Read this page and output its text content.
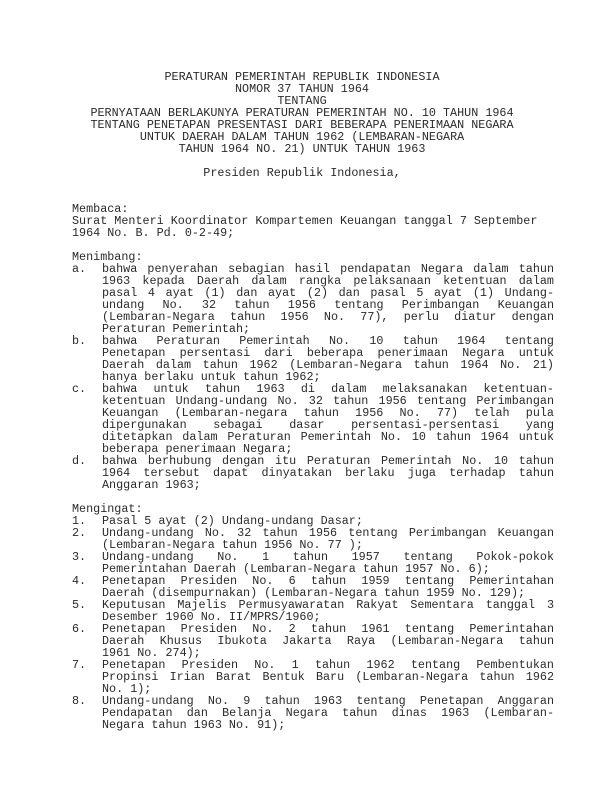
PERATURAN PEMERINTAH REPUBLIK INDONESIA
NOMOR 37 TAHUN 1964
TENTANG
PERNYATAAN BERLAKUNYA PERATURAN PEMERINTAH NO. 10 TAHUN 1964
TENTANG PENETAPAN PRESENTASI DARI BEBERAPA PENERIMAAN NEGARA
UNTUK DAERAH DALAM TAHUN 1962 (LEMBARAN-NEGARA
TAHUN 1964 NO. 21) UNTUK TAHUN 1963
Presiden Republik Indonesia,
Membaca:
Surat Menteri Koordinator Kompartemen Keuangan tanggal 7 September
1964 No. B. Pd. 0-2-49;
Menimbang:
a. bahwa penyerahan sebagian hasil pendapatan Negara dalam tahun
1963 kepada Daerah dalam rangka pelaksanaan ketentuan dalam
pasal 4 ayat (1) dan ayat (2) dan pasal 5 ayat (1) Undang-
undang No. 32 tahun 1956 tentang Perimbangan Keuangan
(Lembaran-Negara tahun 1956 No. 77), perlu diatur dengan
Peraturan Pemerintah;
b. bahwa Peraturan Pemerintah No. 10 tahun 1964 tentang
Penetapan persentasi dari beberapa penerimaan Negara untuk
Daerah dalam tahun 1962 (Lembaran-Negara tahun 1964 No. 21)
hanya berlaku untuk tahun 1962;
c. bahwa untuk tahun 1963 di dalam melaksanakan ketentuan-
ketentuan Undang-undang No. 32 tahun 1956 tentang Perimbangan
Keuangan (Lembaran-negara tahun 1956 No. 77) telah pula
dipergunakan sebagai dasar persentasi-persentasi yang
ditetapkan dalam Peraturan Pemerintah No. 10 tahun 1964 untuk
beberapa penerimaan Negara;
d. bahwa berhubung dengan itu Peraturan Pemerintah No. 10 tahun
1964 tersebut dapat dinyatakan berlaku juga terhadap tahun
Anggaran 1963;
Mengingat:
1. Pasal 5 ayat (2) Undang-undang Dasar;
2. Undang-undang No. 32 tahun 1956 tentang Perimbangan Keuangan
(Lembaran-Negara tahun 1956 No. 77 );
3. Undang-undang No. 1 tahun 1957 tentang Pokok-pokok
Pemerintahan Daerah (Lembaran-Negara tahun 1957 No. 6);
4. Penetapan Presiden No. 6 tahun 1959 tentang Pemerintahan
Daerah (disempurnakan) (Lembaran-Negara tahun 1959 No. 129);
5. Keputusan Majelis Permusyawaratan Rakyat Sementara tanggal 3
Desember 1960 No. II/MPRS/1960;
6. Penetapan Presiden No. 2 tahun 1961 tentang Pemerintahan
Daerah Khusus Ibukota Jakarta Raya (Lembaran-Negara tahun
1961 No. 274);
7. Penetapan Presiden No. 1 tahun 1962 tentang Pembentukan
Propinsi Irian Barat Bentuk Baru (Lembaran-Negara tahun 1962
No. 1);
8. Undang-undang No. 9 tahun 1963 tentang Penetapan Anggaran
Pendapatan dan Belanja Negara tahun dinas 1963 (Lembaran-
Negara tahun 1963 No. 91);
